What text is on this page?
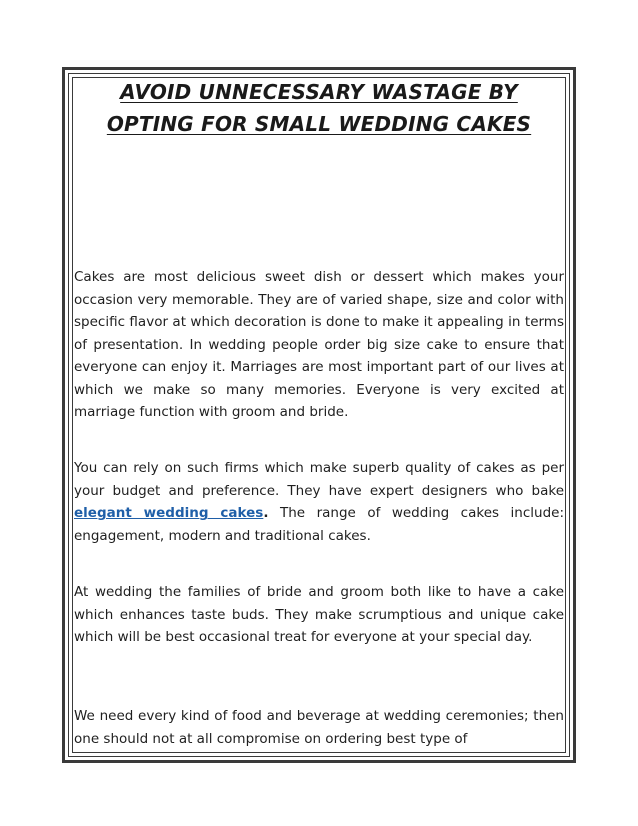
AVOID UNNECESSARY WASTAGE BY
OPTING FOR SMALL WEDDING CAKES

Cakes are most delicious sweet dish or dessert which makes your occasion very memorable. They are of varied shape, size and color with specific flavor at which decoration is done to make it appealing in terms of presentation. In wedding people order big size cake to ensure that everyone can enjoy it. Marriages are most important part of our lives at which we make so many memories. Everyone is very excited at marriage function with groom and bride.

You can rely on such firms which make superb quality of cakes as per your budget and preference. They have expert designers who bake elegant wedding cakes. The range of wedding cakes include: engagement, modern and traditional cakes.

At wedding the families of bride and groom both like to have a cake which enhances taste buds. They make scrumptious and unique cake which will be best occasional treat for everyone at your special day.

We need every kind of food and beverage at wedding ceremonies; then one should not at all compromise on ordering best type of
